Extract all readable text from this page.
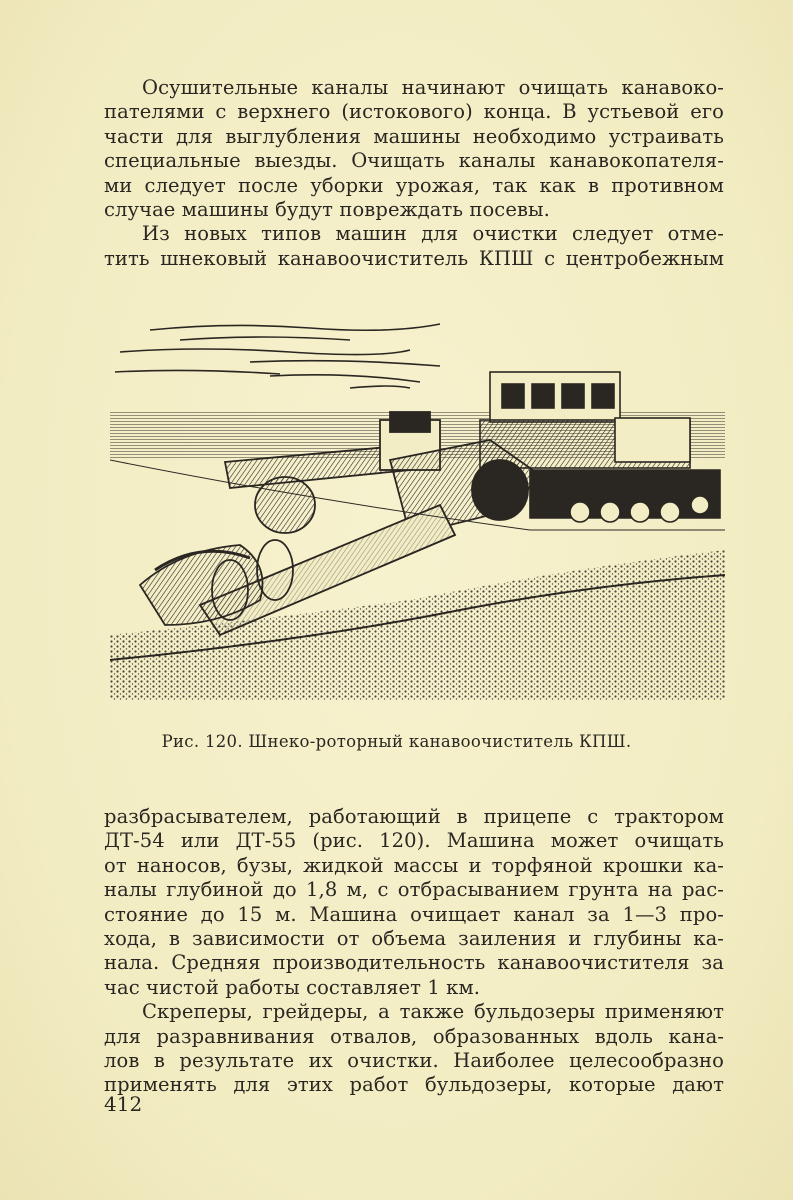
Осушительные каналы начинают очищать канавоко-
пателями с верхнего (истокового) конца. В устьевой его
части для выглубления машины необходимо устраивать
специальные выезды. Очищать каналы канавокопателя-
ми следует после уборки урожая, так как в противном
случае машины будут повреждать посевы.
Из новых типов машин для очистки следует отме-
тить шнековый канавоочиститель КПШ с центробежным
Рис. 120. Шнеко-роторный канавоочиститель КПШ.
разбрасывателем, работающий в прицепе с трактором
ДТ-54 или ДТ-55 (рис. 120). Машина может очищать
от наносов, бузы, жидкой массы и торфяной крошки ка-
налы глубиной до 1,8 м, с отбрасыванием грунта на рас-
стояние до 15 м. Машина очищает канал за 1—3 про-
хода, в зависимости от объема заиления и глубины ка-
нала. Средняя производительность канавоочистителя за
час чистой работы составляет 1 км.
Скреперы, грейдеры, а также бульдозеры применяют
для разравнивания отвалов, образованных вдоль кана-
лов в результате их очистки. Наиболее целесообразно
применять для этих работ бульдозеры, которые дают
412
